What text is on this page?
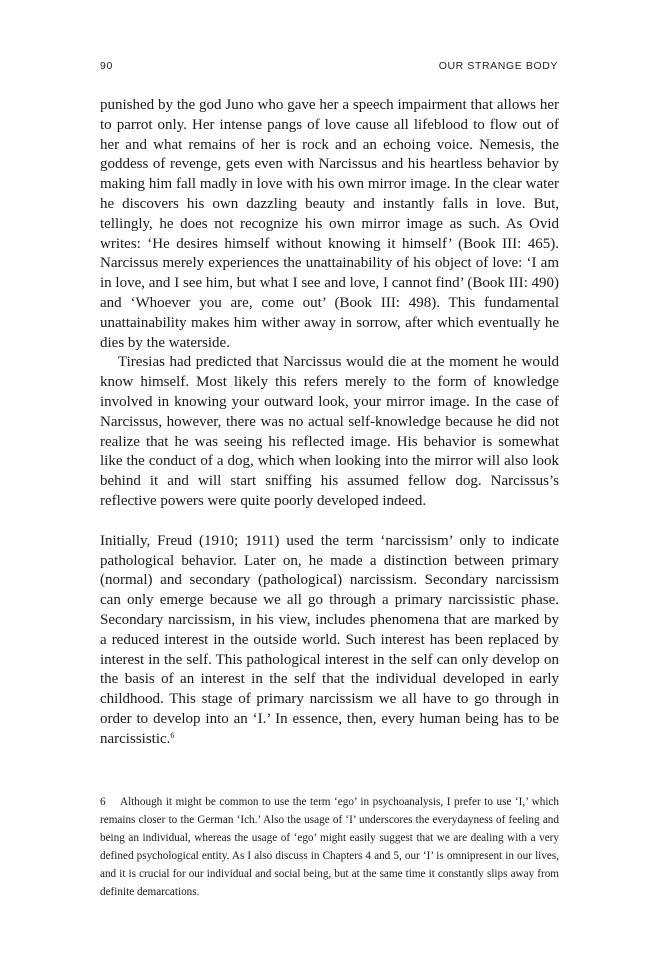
90	OUR STRANGE BODY

punished by the god Juno who gave her a speech impairment that allows her to parrot only. Her intense pangs of love cause all lifeblood to flow out of her and what remains of her is rock and an echoing voice. Nemesis, the goddess of revenge, gets even with Narcissus and his heartless behavior by making him fall madly in love with his own mirror image. In the clear water he discovers his own dazzling beauty and instantly falls in love. But, tellingly, he does not recognize his own mirror image as such. As Ovid writes: ‘He desires himself without knowing it himself’ (Book III: 465). Narcissus merely experiences the unattainability of his object of love: ‘I am in love, and I see him, but what I see and love, I cannot find’ (Book III: 490) and ‘Whoever you are, come out’ (Book III: 498). This fundamental unattainability makes him wither away in sorrow, after which eventually he dies by the waterside.

Tiresias had predicted that Narcissus would die at the moment he would know himself. Most likely this refers merely to the form of knowledge involved in knowing your outward look, your mirror image. In the case of Narcissus, however, there was no actual self-knowledge because he did not realize that he was seeing his reflected image. His behavior is somewhat like the conduct of a dog, which when looking into the mirror will also look behind it and will start sniffing his assumed fellow dog. Narcissus’s reflective powers were quite poorly developed indeed.

Initially, Freud (1910; 1911) used the term ‘narcissism’ only to indicate pathological behavior. Later on, he made a distinction between primary (normal) and secondary (pathological) narcissism. Secondary narcissism can only emerge because we all go through a primary narcissistic phase. Secondary narcissism, in his view, includes phenomena that are marked by a reduced interest in the outside world. Such interest has been replaced by interest in the self. This pathological interest in the self can only develop on the basis of an interest in the self that the individual developed in early childhood. This stage of primary narcissism we all have to go through in order to develop into an ‘I.’ In essence, then, every human being has to be narcissistic.$^6$

6 Although it might be common to use the term ‘ego’ in psychoanalysis, I prefer to use ‘I,’ which remains closer to the German ‘Ich.’ Also the usage of ‘I’ underscores the everydayness of feeling and being an individual, whereas the usage of ‘ego’ might easily suggest that we are dealing with a very defined psychological entity. As I also discuss in Chapters 4 and 5, our ‘I’ is omnipresent in our lives, and it is crucial for our individual and social being, but at the same time it constantly slips away from definite demarcations.
